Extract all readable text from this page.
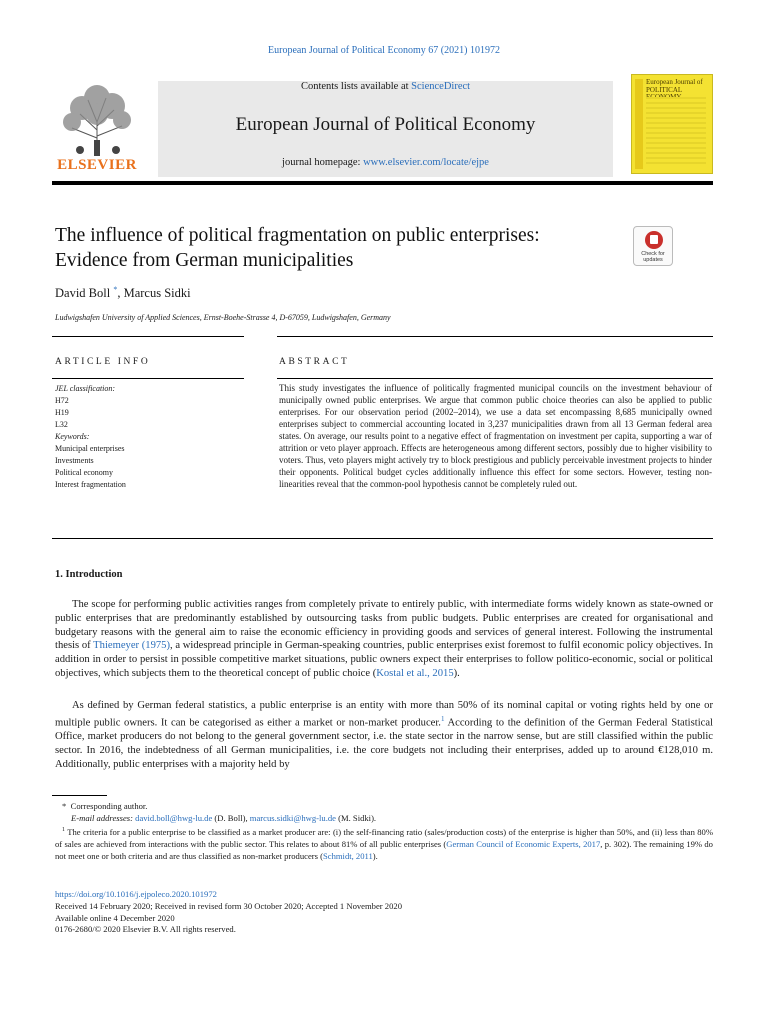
European Journal of Political Economy 67 (2021) 101972
ELSEVIER
Contents lists available at ScienceDirect
European Journal of Political Economy
journal homepage: www.elsevier.com/locate/ejpe
European Journal of POLITICAL
The influence of political fragmentation on public enterprises:
Evidence from German municipalities	Check for updates
David Boll *, Marcus Sidki
Ludwigshafen University of Applied Sciences, Ernst-Boehe-Strasse 4, D-67059, Ludwigshafen, Germany
ARTICLE INFO	ABSTRACT
JEL classification:
H72
H19
L32
Keywords:
Municipal enterprises
Investments
Political economy
Interest fragmentation
This study investigates the influence of politically fragmented municipal councils on the investment behaviour of municipally owned public enterprises. We argue that common public choice theories can also be applied to public enterprises. For our observation period (2002–2014), we use a data set encompassing 8,685 municipally owned enterprises subject to commercial accounting located in 3,237 municipalities drawn from all 13 German federal area states. On average, our results point to a negative effect of fragmentation on investment per capita, supporting a war of attrition or veto player approach. Effects are heterogeneous among different sectors, possibly due to higher visibility to voters. Thus, veto players might actively try to block prestigious and publicly perceivable investment projects to hinder their opponents. Political budget cycles additionally influence this effect for some sectors. However, testing non-linearities reveal that the common-pool hypothesis cannot be completely ruled out.
1. Introduction
The scope for performing public activities ranges from completely private to entirely public, with intermediate forms widely known as state-owned or public enterprises that are predominantly established by outsourcing tasks from public budgets. Public enterprises are created for organisational and budgetary reasons with the general aim to raise the economic efficiency in providing goods and services of general interest. Following the instrumental thesis of Thiemeyer (1975), a widespread principle in German-speaking countries, public enterprises exist foremost to fulfil economic policy objectives. In addition in order to persist in possible competitive market situations, public owners expect their enterprises to follow politico-economic, social or political objectives, which subjects them to the theoretical concept of public choice (Kostal et al., 2015).
As defined by German federal statistics, a public enterprise is an entity with more than 50% of its nominal capital or voting rights held by one or multiple public owners. It can be categorised as either a market or non-market producer.$^1$ According to the definition of the German Federal Statistical Office, market producers do not belong to the general government sector, i.e. the state sector in the narrow sense, but are still classified within the public sector. In 2016, the indebtedness of all German municipalities, i.e. the core budgets not including their enterprises, added up to around €128,010 m. Additionally, public enterprises with a majority held by
* Corresponding author.
E-mail addresses: david.boll@hwg-lu.de (D. Boll), marcus.sidki@hwg-lu.de (M. Sidki).
$^1$ The criteria for a public enterprise to be classified as a market producer are: (i) the self-financing ratio (sales/production costs) of the enterprise is higher than 50%, and (ii) less than 80% of sales are achieved from interactions with the public sector. This relates to about 81% of all public enterprises (German Council of Economic Experts, 2017, p. 302). The remaining 19% do not meet one or both criteria and are thus classified as non-market producers (Schmidt, 2011).
https://doi.org/10.1016/j.ejpoleco.2020.101972
Received 14 February 2020; Received in revised form 30 October 2020; Accepted 1 November 2020
Available online 4 December 2020
0176-2680/© 2020 Elsevier B.V. All rights reserved.
